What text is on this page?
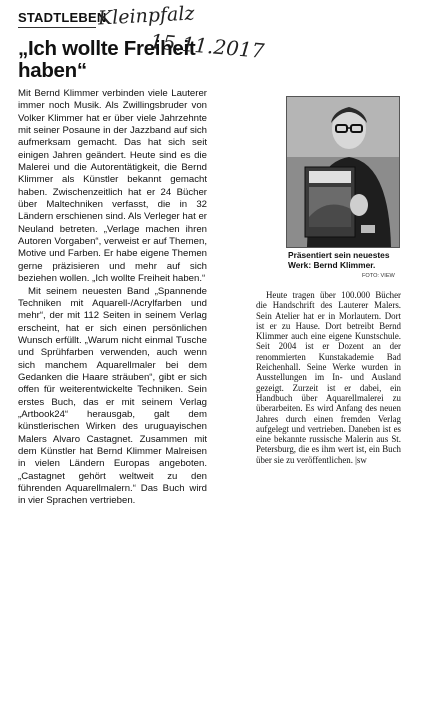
STADTLEBEN
Kleinpfalz
15.11.2017
„Ich wollte Freiheit haben“

Mit Bernd Klimmer verbinden viele Lauterer immer noch Musik. Als Zwillingsbruder von Volker Klimmer hat er über viele Jahrzehnte mit seiner Posaune in der Jazzband auf sich aufmerksam gemacht. Das hat sich seit einigen Jahren geändert. Heute sind es die Malerei und die Autorentätigkeit, die Bernd Klimmer als Künstler bekannt gemacht haben. Zwischenzeitlich hat er 24 Bücher über Maltechniken verfasst, die in 32 Ländern erschienen sind. Als Verleger hat er Neuland betreten. „Verlage machen ihren Autoren Vorgaben“, verweist er auf Themen, Motive und Farben. Er habe eigene Themen gerne präzisieren und mehr auf sich beziehen wollen. „Ich wollte Freiheit haben.“

Mit seinem neuesten Band „Spannende Techniken mit Aquarell-/Acrylfarben und mehr“, der mit 112 Seiten in seinem Verlag erscheint, hat er sich einen persönlichen Wunsch erfüllt. „Warum nicht einmal Tusche und Sprühfarben verwenden, auch wenn sich manchem Aquarellmaler bei dem Gedanken die Haare sträuben“, gibt er sich offen für weiterentwickelte Techniken. Sein erstes Buch, das er mit seinem Verlag „Artbook24“ herausgab, galt dem künstlerischen Wirken des uruguayischen Malers Alvaro Castagnet. Zusammen mit dem Künstler hat Bernd Klimmer Malreisen in vielen Ländern Europas angeboten. „Castagnet gehört weltweit zu den führenden Aquarellmalern.“ Das Buch wird in vier Sprachen vertrieben.

Präsentiert sein neuestes Werk: Bernd Klimmer.

FOTO: VIEW

Heute tragen über 100.000 Bücher die Handschrift des Lauterer Malers. Sein Atelier hat er in Morlautern. Dort ist er zu Hause. Dort betreibt Bernd Klimmer auch eine eigene Kunstschule. Seit 2004 ist er Dozent an der renommierten Kunstakademie Bad Reichenhall. Seine Werke wurden in Ausstellungen im In- und Ausland gezeigt. Zurzeit ist er dabei, ein Handbuch über Aquarellmalerei zu überarbeiten. Es wird Anfang des neuen Jahres durch einen fremden Verlag aufgelegt und vertrieben. Daneben ist es eine bekannte russische Malerin aus St. Petersburg, die es ihm wert ist, ein Buch über sie zu veröffentlichen. |sw
